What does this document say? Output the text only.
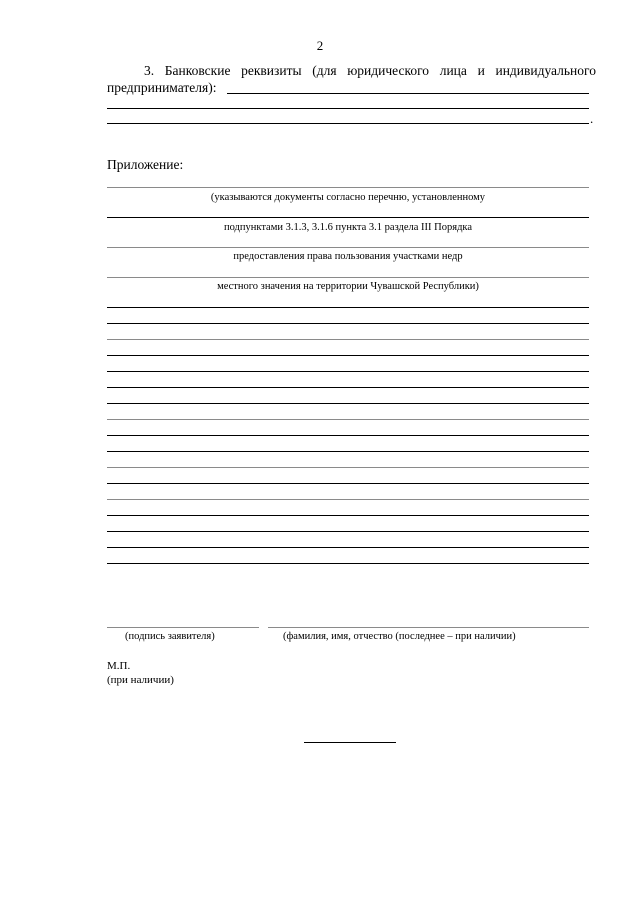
2
3. Банковские реквизиты (для юридического лица и индивидуального
предпринимателя):
.
Приложение:
(указываются документы согласно перечню, установленному
подпунктами 3.1.3, 3.1.6 пункта 3.1 раздела III Порядка
предоставления права пользования участками недр
местного значения на территории Чувашской Республики)
(подпись заявителя)	(фамилия, имя, отчество (последнее – при наличии)
М.П.
(при наличии)
